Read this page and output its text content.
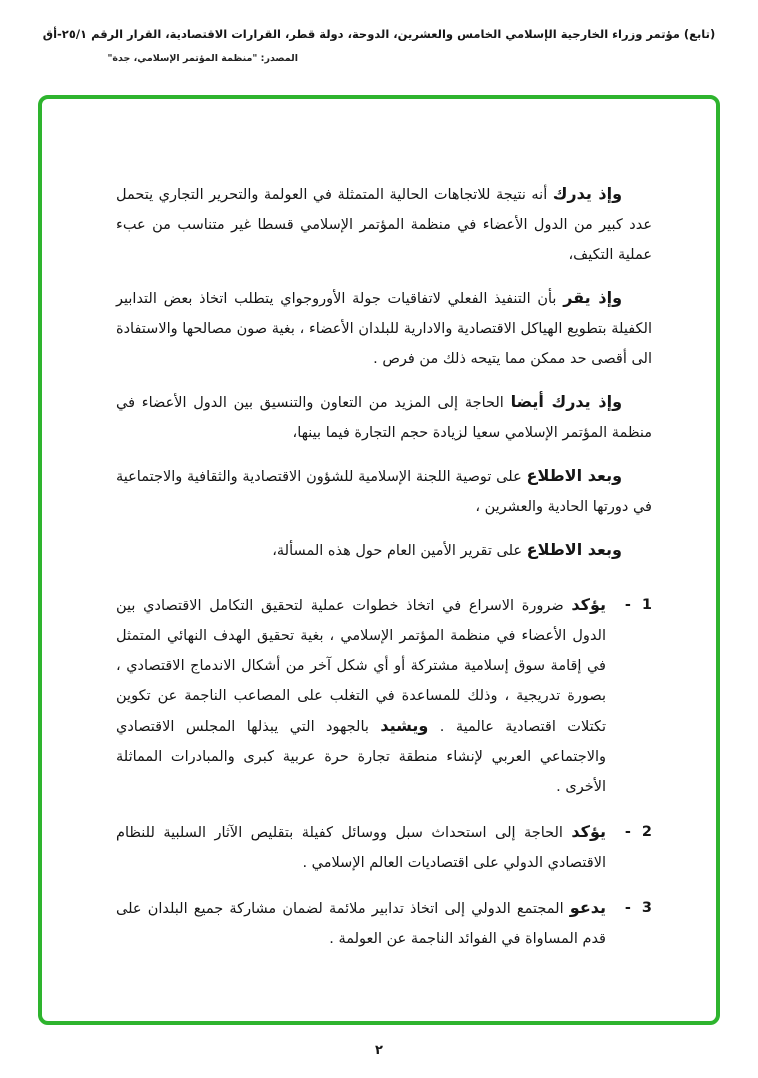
(تابع) مؤتمر وزراء الخارجية الإسلامي الخامس والعشرين، الدوحة، دولة قطر، القرارات الاقتصادية، القرار الرقم ٢٥/١-أق
المصدر: "منظمة المؤتمر الإسلامي، جدة"

وإذ يدرك أنه نتيجة للاتجاهات الحالية المتمثلة في العولمة والتحرير التجاري يتحمل عدد كبير من الدول الأعضاء في منظمة المؤتمر الإسلامي قسطا غير متناسب من عبء عملية التكيف،

وإذ يقر بأن التنفيذ الفعلي لاتفاقيات جولة الأوروجواي يتطلب اتخاذ بعض التدابير الكفيلة بتطويع الهياكل الاقتصادية والادارية للبلدان الأعضاء ، بغية صون مصالحها والاستفادة الى أقصى حد ممكن مما يتيحه ذلك من فرص .

وإذ يدرك أيضا الحاجة إلى المزيد من التعاون والتنسيق بين الدول الأعضاء في منظمة المؤتمر الإسلامي سعيا لزيادة حجم التجارة فيما بينها،

وبعد الاطلاع على توصية اللجنة الإسلامية للشؤون الاقتصادية والثقافية والاجتماعية في دورتها الحادية والعشرين ،

وبعد الاطلاع على تقرير الأمين العام حول هذه المسألة،

1 -

يؤكد ضرورة الاسراع في اتخاذ خطوات عملية لتحقيق التكامل الاقتصادي بين الدول الأعضاء في منظمة المؤتمر الإسلامي ، بغية تحقيق الهدف النهائي المتمثل في إقامة سوق إسلامية مشتركة أو أي شكل آخر من أشكال الاندماج الاقتصادي ، بصورة تدريجية ، وذلك للمساعدة في التغلب على المصاعب الناجمة عن تكوين تكتلات اقتصادية عالمية . ويشيد بالجهود التي يبذلها المجلس الاقتصادي والاجتماعي العربي لإنشاء منطقة تجارة حرة عربية كبرى والمبادرات المماثلة الأخرى .

2 -

يؤكد الحاجة إلى استحداث سبل ووسائل كفيلة بتقليص الآثار السلبية للنظام الاقتصادي الدولي على اقتصاديات العالم الإسلامي .

3 -

يدعو المجتمع الدولي إلى اتخاذ تدابير ملائمة لضمان مشاركة جميع البلدان على قدم المساواة في الفوائد الناجمة عن العولمة .

٢
